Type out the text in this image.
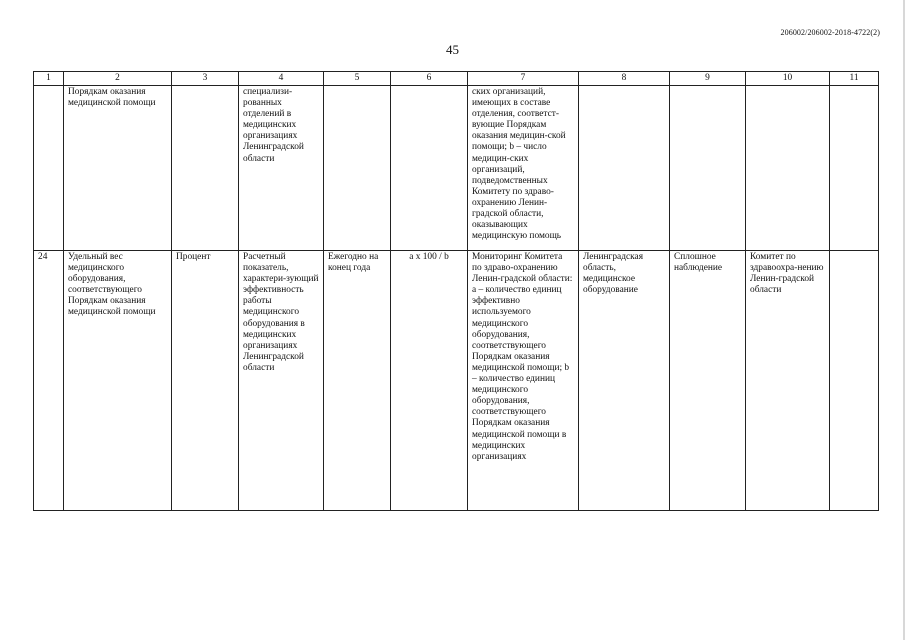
206002/206002-2018-4722(2)
45
1	2	3	4	5	6	7	8	9	10	11
	Порядкам оказания медицинской помощи		специализи-рованных отделений в медицинских организациях Ленинградской области			ских организаций, имеющих в составе отделения, соответст-вующие Порядкам оказания медицин-ской помощи; b – число медицин-ских организаций, подведомственных Комитету по здраво-охранению Ленин-градской области, оказывающих медицинскую помощь				
24	Удельный вес медицинского оборудования, соответствующего Порядкам оказания медицинской помощи	Процент	Расчетный показатель, характери-зующий эффективность работы медицинского оборудования в медицинских организациях Ленинградской области	Ежегодно на конец года	a x 100 / b	Мониторинг Комитета по здраво-охранению Ленин-градской области: a – количество единиц эффективно используемого медицинского оборудования, соответствующего Порядкам оказания медицинской помощи; b – количество единиц медицинского оборудования, соответствующего Порядкам оказания медицинской помощи в медицинских организациях	Ленинградская область, медицинское оборудование	Сплошное наблюдение	Комитет по здравоохра-нению Ленин-градской области	
